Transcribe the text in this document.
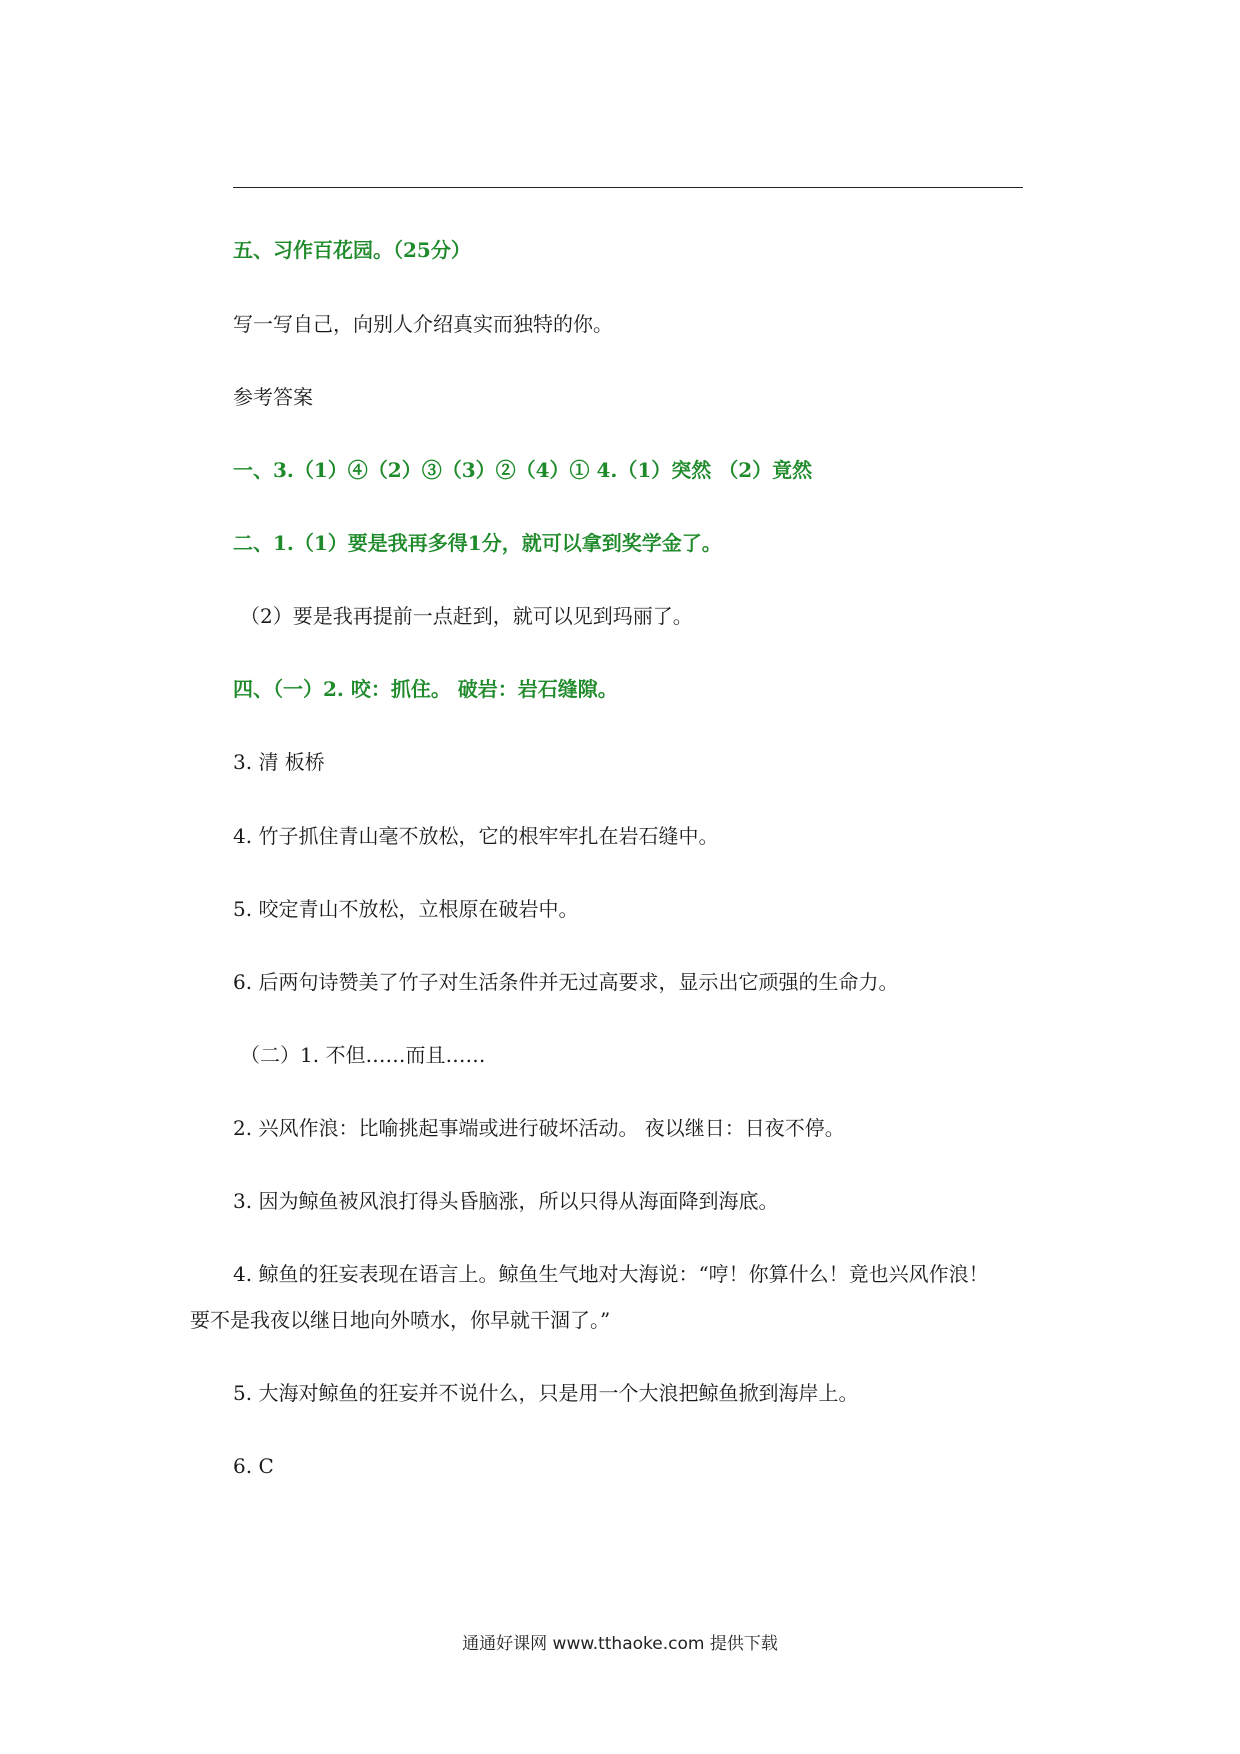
五、习作百花园。（25分）
写一写自己，向别人介绍真实而独特的你。
参考答案
一、3.（1）④（2）③（3）②（4）① 4.（1）突然 （2）竟然
二、1.（1）要是我再多得1分，就可以拿到奖学金了。
（2）要是我再提前一点赶到，就可以见到玛丽了。
四、（一）2. 咬：抓住。 破岩：岩石缝隙。
3. 清 板桥
4. 竹子抓住青山毫不放松，它的根牢牢扎在岩石缝中。
5. 咬定青山不放松，立根原在破岩中。
6. 后两句诗赞美了竹子对生活条件并无过高要求，显示出它顽强的生命力。
（二）1. 不但……而且……
2. 兴风作浪：比喻挑起事端或进行破坏活动。 夜以继日：日夜不停。
3. 因为鲸鱼被风浪打得头昏脑涨，所以只得从海面降到海底。
4. 鲸鱼的狂妄表现在语言上。鲸鱼生气地对大海说：“哼！你算什么！竟也兴风作浪！
要不是我夜以继日地向外喷水，你早就干涸了。”
5. 大海对鲸鱼的狂妄并不说什么，只是用一个大浪把鲸鱼掀到海岸上。
6. C
通通好课网 www.tthaoke.com 提供下载
